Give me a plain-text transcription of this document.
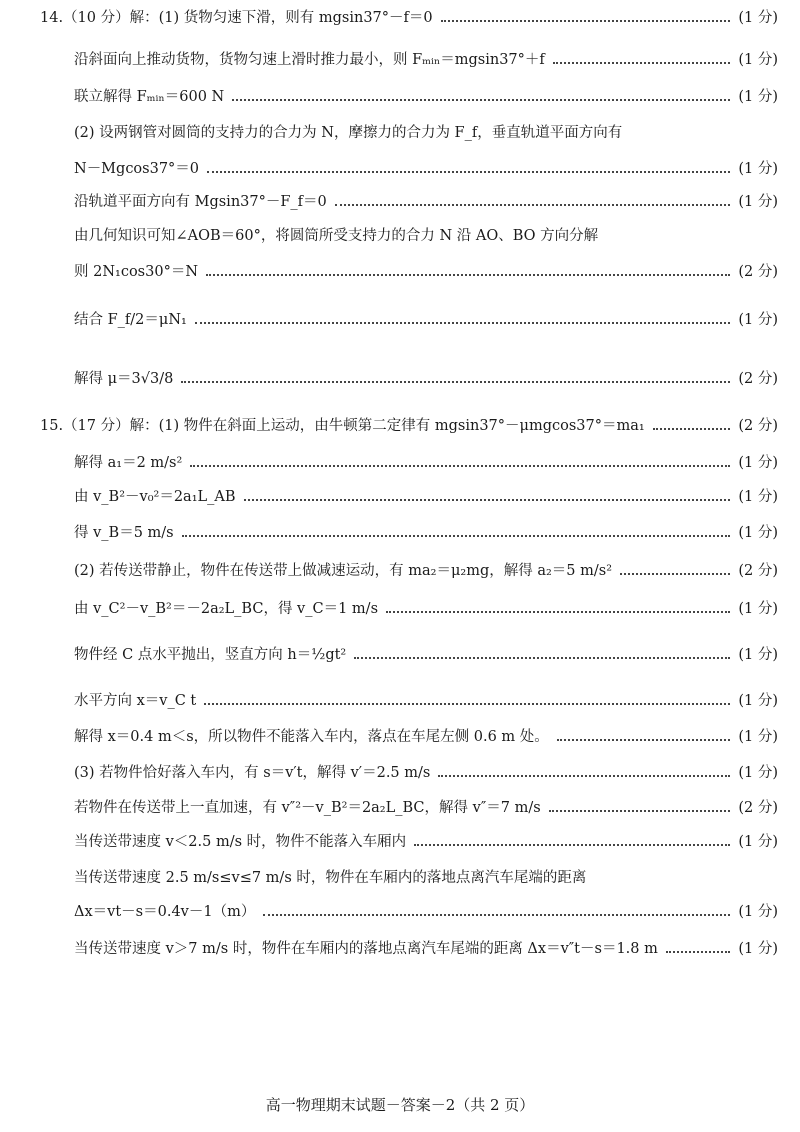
14.（10 分）解：(1) 货物匀速下滑，则有 mgsin37°－f＝0	(1 分)
沿斜面向上推动货物，货物匀速上滑时推力最小，则 Fₘᵢₙ＝mgsin37°＋f	(1 分)
联立解得 Fₘᵢₙ＝600 N	(1 分)
(2) 设两钢管对圆筒的支持力的合力为 N，摩擦力的合力为 F_f，垂直轨道平面方向有
N－Mgcos37°＝0	(1 分)
沿轨道平面方向有 Mgsin37°－F_f＝0	(1 分)
由几何知识可知∠AOB＝60°，将圆筒所受支持力的合力 N 沿 AO、BO 方向分解
则 2N₁cos30°＝N	(2 分)
结合 F_f/2＝μN₁	(1 分)
解得 μ＝3√3/8	(2 分)
15.（17 分）解：(1) 物件在斜面上运动，由牛顿第二定律有 mgsin37°－μmgcos37°＝ma₁	(2 分)
解得 a₁＝2 m/s²	(1 分)
由 v_B²－v₀²＝2a₁L_AB	(1 分)
得 v_B＝5 m/s	(1 分)
(2) 若传送带静止，物件在传送带上做减速运动，有 ma₂＝μ₂mg，解得 a₂＝5 m/s²	(2 分)
由 v_C²－v_B²＝－2a₂L_BC，得 v_C＝1 m/s	(1 分)
物件经 C 点水平抛出，竖直方向 h＝½gt²	(1 分)
水平方向 x＝v_C t	(1 分)
解得 x＝0.4 m＜s，所以物件不能落入车内，落点在车尾左侧 0.6 m 处。	(1 分)
(3) 若物件恰好落入车内，有 s＝v′t，解得 v′＝2.5 m/s	(1 分)
若物件在传送带上一直加速，有 v″²－v_B²＝2a₂L_BC，解得 v″＝7 m/s	(2 分)
当传送带速度 v＜2.5 m/s 时，物件不能落入车厢内	(1 分)
当传送带速度 2.5 m/s≤v≤7 m/s 时，物件在车厢内的落地点离汽车尾端的距离
Δx＝vt－s＝0.4v－1（m）	(1 分)
当传送带速度 v＞7 m/s 时，物件在车厢内的落地点离汽车尾端的距离 Δx＝v″t－s＝1.8 m	(1 分)
高一物理期末试题－答案－2（共 2 页）
